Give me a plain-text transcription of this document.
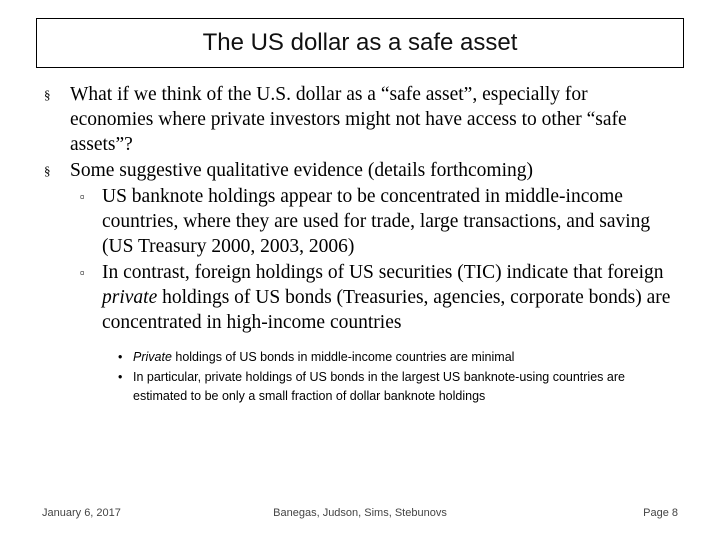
The US dollar as a safe asset
§ What if we think of the U.S. dollar as a “safe asset”, especially for economies where private investors might not have access to other “safe assets”?
§ Some suggestive qualitative evidence (details forthcoming)
▫ US banknote holdings appear to be concentrated in middle-income countries, where they are used for trade, large transactions, and saving (US Treasury 2000, 2003, 2006)
▫ In contrast, foreign holdings of US securities (TIC) indicate that foreign private holdings of US bonds (Treasuries, agencies, corporate bonds) are concentrated in high-income countries
• Private holdings of US bonds in middle-income countries are minimal
• In particular, private holdings of US bonds in the largest US banknote-using countries are estimated to be only a small fraction of dollar banknote holdings
January 6, 2017	Banegas, Judson, Sims, Stebunovs	Page 8
